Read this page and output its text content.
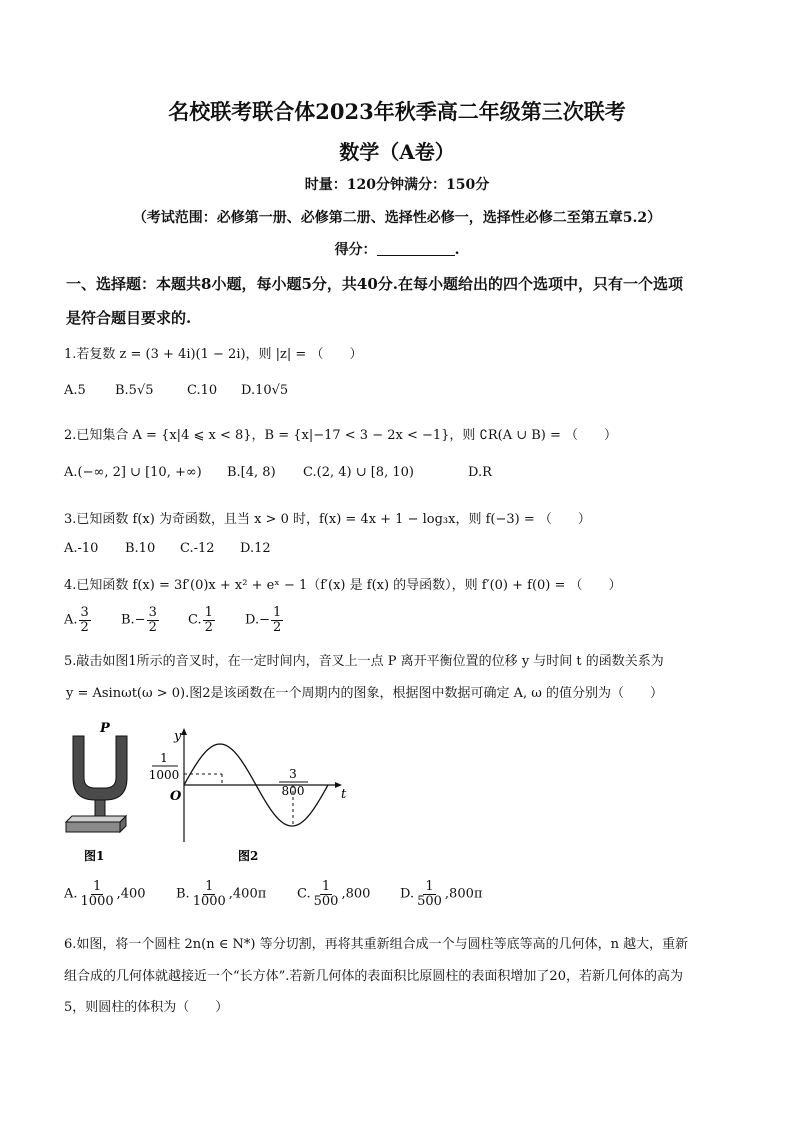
名校联考联合体2023年秋季高二年级第三次联考
数学（A卷）
时量：120分钟满分：150分
（考试范围：必修第一册、必修第二册、选择性必修一，选择性必修二至第五章5.2）
得分：	.
一、选择题：本题共8小题，每小题5分，共40分.在每小题给出的四个选项中，只有一个选项
是符合题目要求的.
1.若复数 z = (3 + 4i)(1 − 2i)，则 |z| = （　　）
A.5 B.5√5	C.10 D.10√5
2.已知集合 A = {x|4 ⩽ x < 8}，B = {x|−17 < 3 − 2x < −1}，则 ∁R(A ∪ B) = （　　）
A.(−∞, 2] ∪ [10, +∞) B.[4, 8) C.(2, 4) ∪ [8, 10)	D.R
3.已知函数 f(x) 为奇函数，且当 x > 0 时，f(x) = 4x + 1 − log₃x，则 f(−3) = （　　）
A.-10 B.10 C.-12 D.12
4.已知函数 f(x) = 3f′(0)x + x² + eˣ − 1（f′(x) 是 f(x) 的导函数），则 f′(0) + f(0) = （　　）
A. $\frac{3}{2} B.- \frac{3}{2} C$. $\frac{1}{2} D.- \frac{1}{2}$
5.敲击如图1所示的音叉时，在一定时间内，音叉上一点 P 离开平衡位置的位移 y 与时间 t 的函数关系为
y = Asinωt(ω > 0).图2是该函数在一个周期内的图象，根据图中数据可确定 A, ω 的值分别为（　　）
P
图1
y
t
O
1
1000	3
800
图2
A. $\frac{1}{1000} ,400$ B. $\frac{1}{1000} ,400\pi$ C. $\frac{1}{500} ,800$ D. $\frac{1}{500} ,800\pi$
6.如图，将一个圆柱 2n(n ∈ N*) 等分切割，再将其重新组合成一个与圆柱等底等高的几何体，n 越大，重新
组合成的几何体就越接近一个“长方体”.若新几何体的表面积比原圆柱的表面积增加了20，若新几何体的高为
5，则圆柱的体积为（　　）
